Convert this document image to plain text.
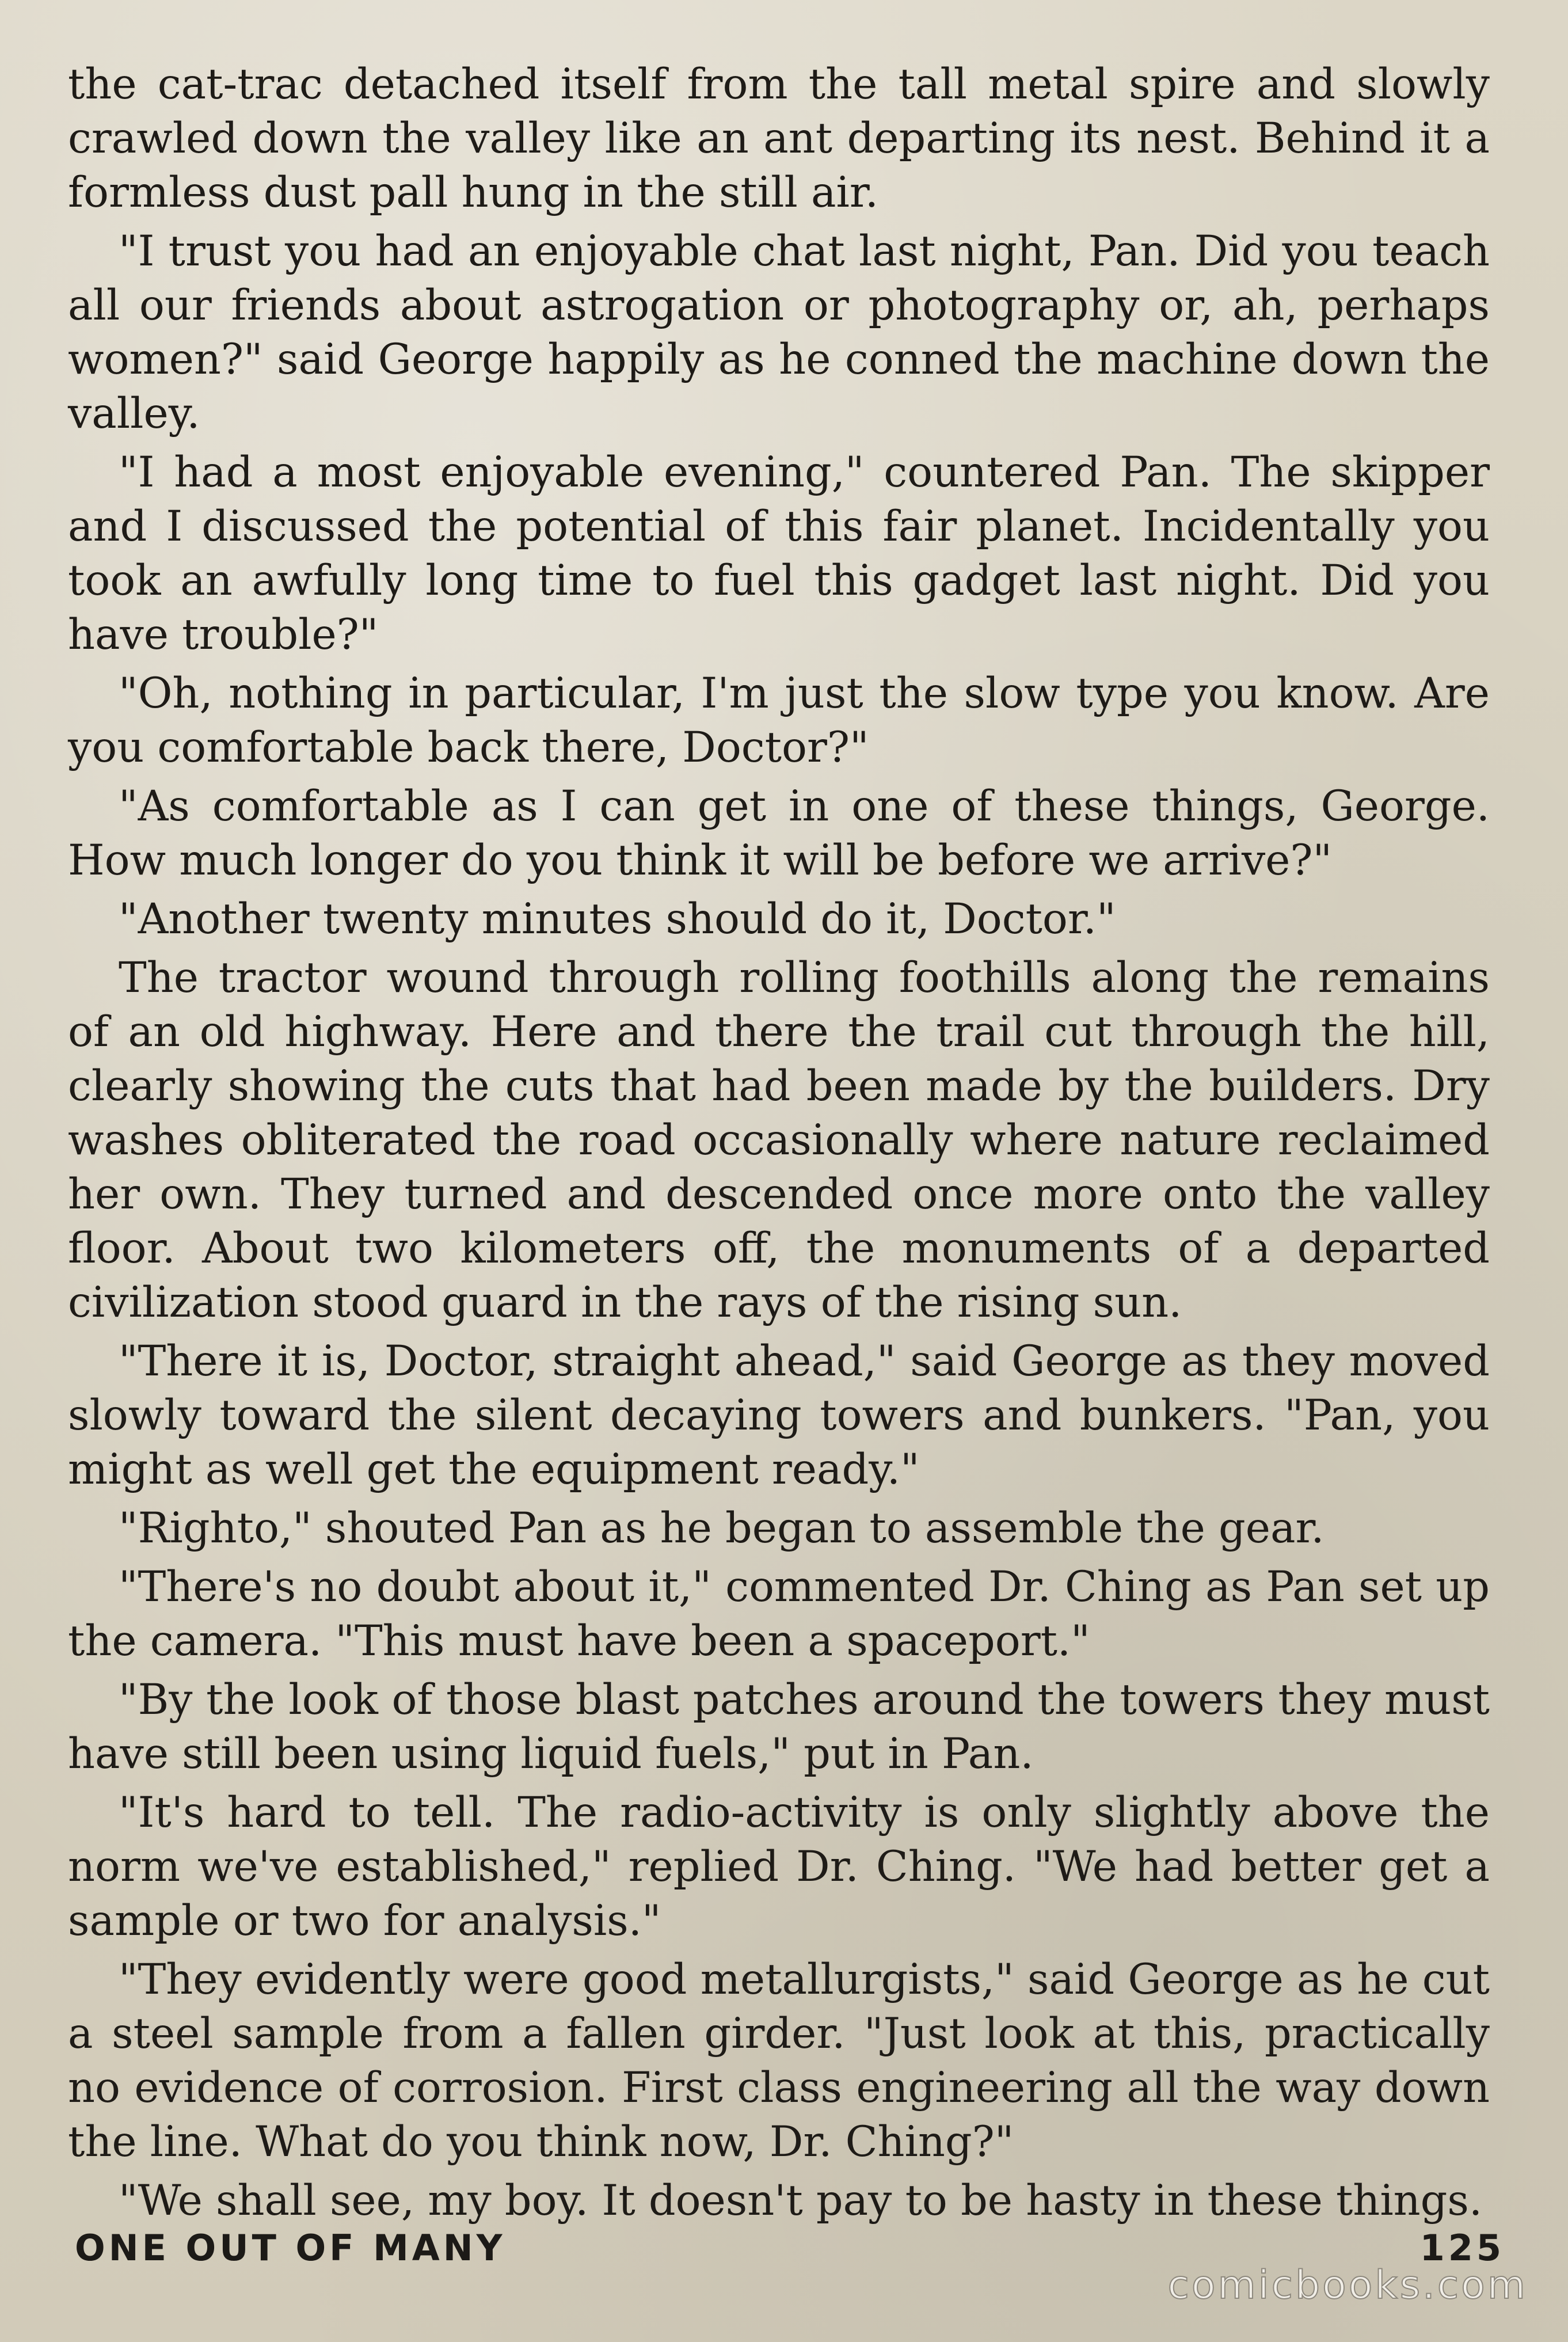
the cat-trac detached itself from the tall metal spire and slowly crawled down the valley like an ant departing its nest. Behind it a formless dust pall hung in the still air.

"I trust you had an enjoyable chat last night, Pan. Did you teach all our friends about astrogation or photography or, ah, perhaps women?" said George happily as he conned the machine down the valley.

"I had a most enjoyable evening," countered Pan. The skipper and I discussed the potential of this fair planet. Incidentally you took an awfully long time to fuel this gadget last night. Did you have trouble?"

"Oh, nothing in particular, I'm just the slow type you know. Are you comfortable back there, Doctor?"

"As comfortable as I can get in one of these things, George. How much longer do you think it will be before we arrive?"

"Another twenty minutes should do it, Doctor."

The tractor wound through rolling foothills along the remains of an old highway. Here and there the trail cut through the hill, clearly showing the cuts that had been made by the builders. Dry washes obliterated the road occasionally where nature reclaimed her own. They turned and descended once more onto the valley floor. About two kilometers off, the monuments of a departed civilization stood guard in the rays of the rising sun.

"There it is, Doctor, straight ahead," said George as they moved slowly toward the silent decaying towers and bunkers. "Pan, you might as well get the equipment ready."

"Righto," shouted Pan as he began to assemble the gear.

"There's no doubt about it," commented Dr. Ching as Pan set up the camera. "This must have been a spaceport."

"By the look of those blast patches around the towers they must have still been using liquid fuels," put in Pan.

"It's hard to tell. The radio-activity is only slightly above the norm we've established," replied Dr. Ching. "We had better get a sample or two for analysis."

"They evidently were good metallurgists," said George as he cut a steel sample from a fallen girder. "Just look at this, practically no evidence of corrosion. First class engineering all the way down the line. What do you think now, Dr. Ching?"

"We shall see, my boy. It doesn't pay to be hasty in these things.

ONE OUT OF MANY	125
comicbooks.com
